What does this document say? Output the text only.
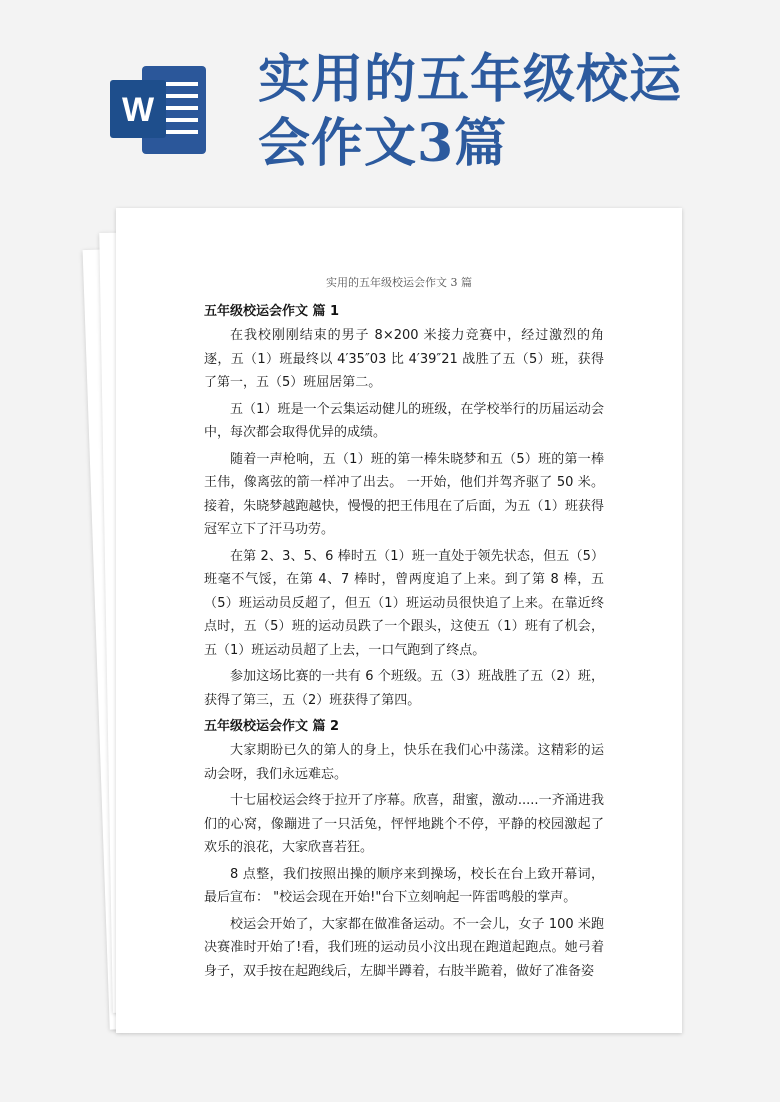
W 实用的五年级校运
会作文3篇
实用的五年级校运会作文 3 篇

五年级校运会作文 篇 1

在我校刚刚结束的男子 8×200 米接力竞赛中，经过激烈的角逐，五（1）班最终以 4′35″03 比 4′39″21 战胜了五（5）班，获得了第一，五（5）班屈居第二。

五（1）班是一个云集运动健儿的班级，在学校举行的历届运动会中，每次都会取得优异的成绩。

随着一声枪响，五（1）班的第一棒朱晓梦和五（5）班的第一棒王伟，像离弦的箭一样冲了出去。 一开始，他们并驾齐驱了 50 米。接着，朱晓梦越跑越快，慢慢的把王伟甩在了后面，为五（1）班获得冠军立下了汗马功劳。

在第 2、3、5、6 棒时五（1）班一直处于领先状态，但五（5）班毫不气馁，在第 4、7 棒时，曾两度追了上来。到了第 8 棒，五（5）班运动员反超了，但五（1）班运动员很快追了上来。在靠近终点时，五（5）班的运动员跌了一个跟头，这使五（1）班有了机会，五（1）班运动员超了上去，一口气跑到了终点。

参加这场比赛的一共有 6 个班级。五（3）班战胜了五（2）班，获得了第三，五（2）班获得了第四。

五年级校运会作文 篇 2

大家期盼已久的第人的身上，快乐在我们心中荡漾。这精彩的运动会呀，我们永远难忘。

十七届校运会终于拉开了序幕。欣喜，甜蜜，激动.....一齐涌进我们的心窝，像蹦进了一只活兔，怦怦地跳个不停，平静的校园激起了欢乐的浪花，大家欣喜若狂。

8 点整，我们按照出操的顺序来到操场，校长在台上致开幕词，最后宣布： "校运会现在开始!"台下立刻响起一阵雷鸣般的掌声。

校运会开始了，大家都在做准备运动。不一会儿，女子 100 米跑决赛准时开始了!看，我们班的运动员小汶出现在跑道起跑点。她弓着身子，双手按在起跑线后，左脚半蹲着，右肢半跪着，做好了准备姿
